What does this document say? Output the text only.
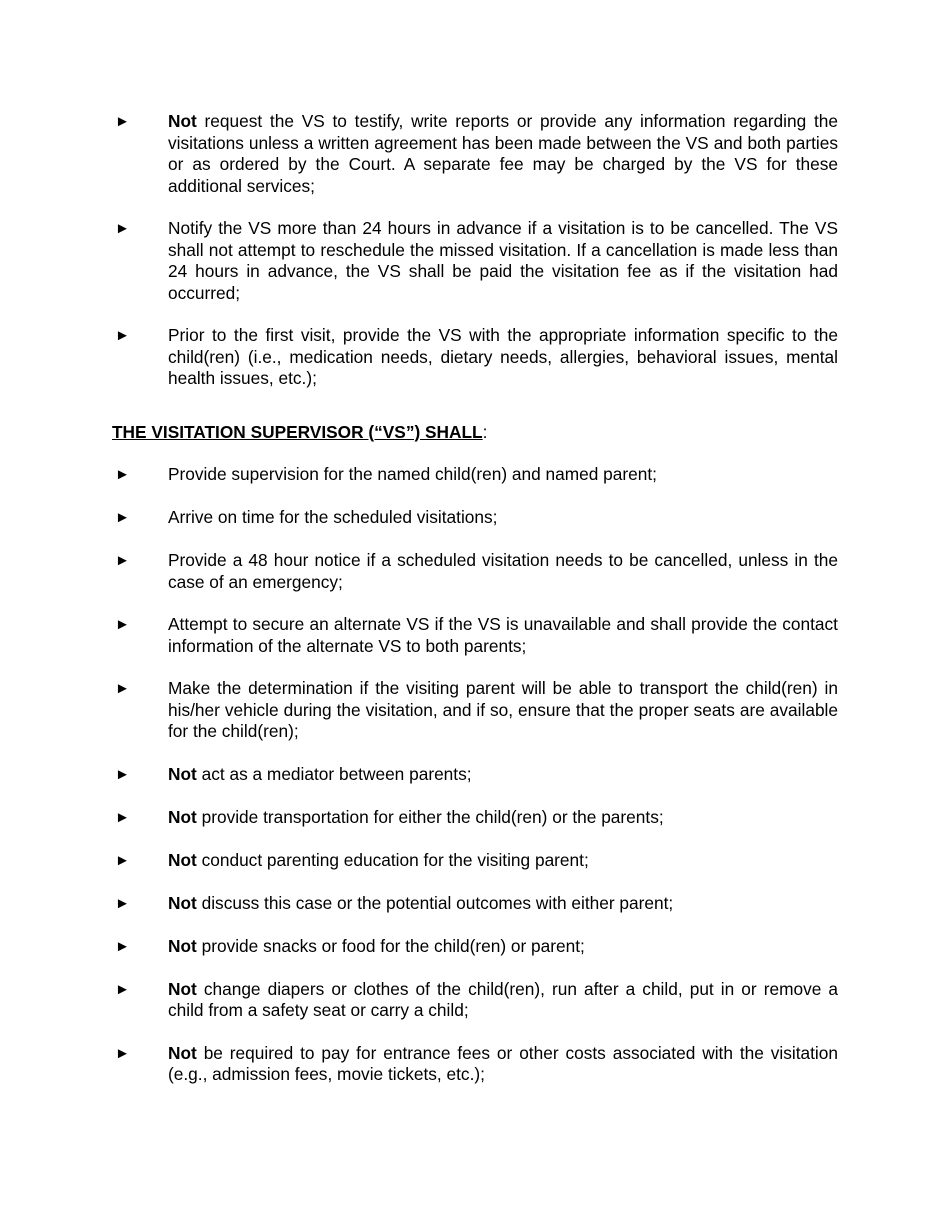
► Not request the VS to testify, write reports or provide any information regarding the visitations unless a written agreement has been made between the VS and both parties or as ordered by the Court. A separate fee may be charged by the VS for these additional services;
► Notify the VS more than 24 hours in advance if a visitation is to be cancelled. The VS shall not attempt to reschedule the missed visitation. If a cancellation is made less than 24 hours in advance, the VS shall be paid the visitation fee as if the visitation had occurred;
► Prior to the first visit, provide the VS with the appropriate information specific to the child(ren) (i.e., medication needs, dietary needs, allergies, behavioral issues, mental health issues, etc.);
THE VISITATION SUPERVISOR (“VS”) SHALL:
► Provide supervision for the named child(ren) and named parent;
► Arrive on time for the scheduled visitations;
► Provide a 48 hour notice if a scheduled visitation needs to be cancelled, unless in the case of an emergency;
► Attempt to secure an alternate VS if the VS is unavailable and shall provide the contact information of the alternate VS to both parents;
► Make the determination if the visiting parent will be able to transport the child(ren) in his/her vehicle during the visitation, and if so, ensure that the proper seats are available for the child(ren);
► Not act as a mediator between parents;
► Not provide transportation for either the child(ren) or the parents;
► Not conduct parenting education for the visiting parent;
► Not discuss this case or the potential outcomes with either parent;
► Not provide snacks or food for the child(ren) or parent;
► Not change diapers or clothes of the child(ren), run after a child, put in or remove a child from a safety seat or carry a child;
► Not be required to pay for entrance fees or other costs associated with the visitation (e.g., admission fees, movie tickets, etc.);
